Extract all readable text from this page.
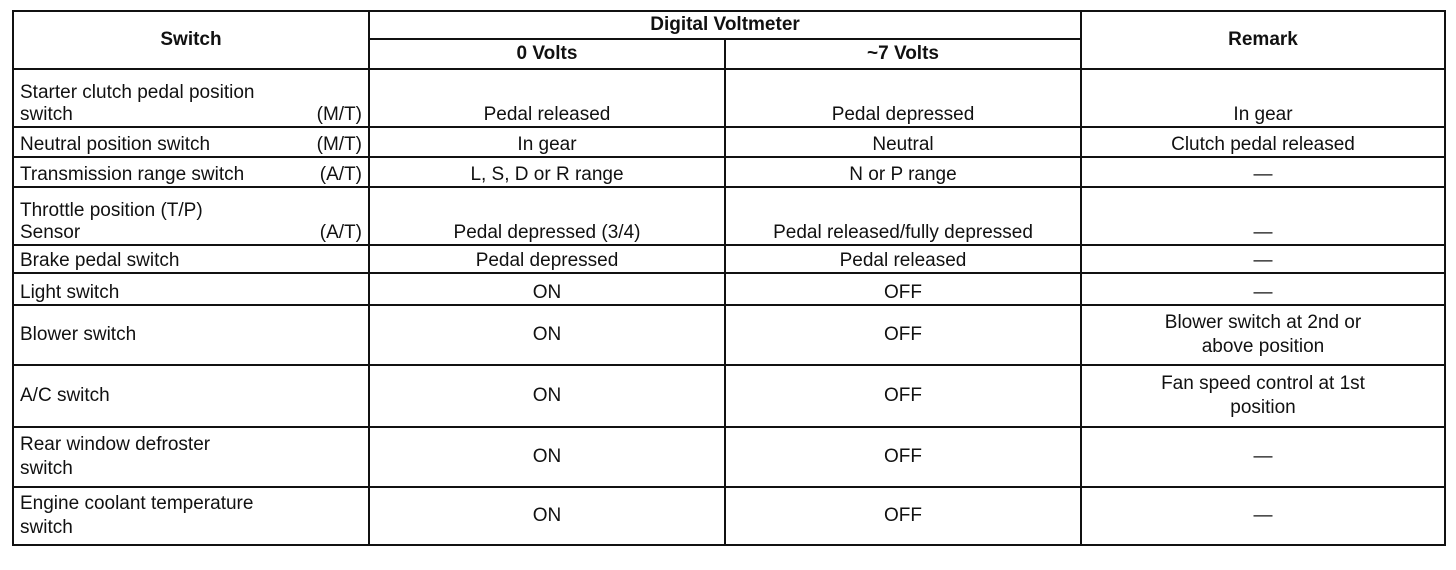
Switch	Digital Voltmeter		Remark
	0 Volts	~7 Volts	

Starter clutch pedal position
switch (M/T)	Pedal released	Pedal depressed	In gear

Neutral position switch (M/T)	In gear	Neutral	Clutch pedal released

Transmission range switch (A/T)	L, S, D or R range	N or P range	—

Throttle position (T/P)
Sensor (A/T)	Pedal depressed (3/4)	Pedal released/fully depressed	—

Brake pedal switch	Pedal depressed	Pedal released	—

Light switch	ON	OFF	—

Blower switch	ON	OFF	Blower switch at 2nd or
above position

A/C switch	ON	OFF	Fan speed control at 1st
position

Rear window defroster
switch	ON	OFF	—

Engine coolant temperature
switch	ON	OFF	—
